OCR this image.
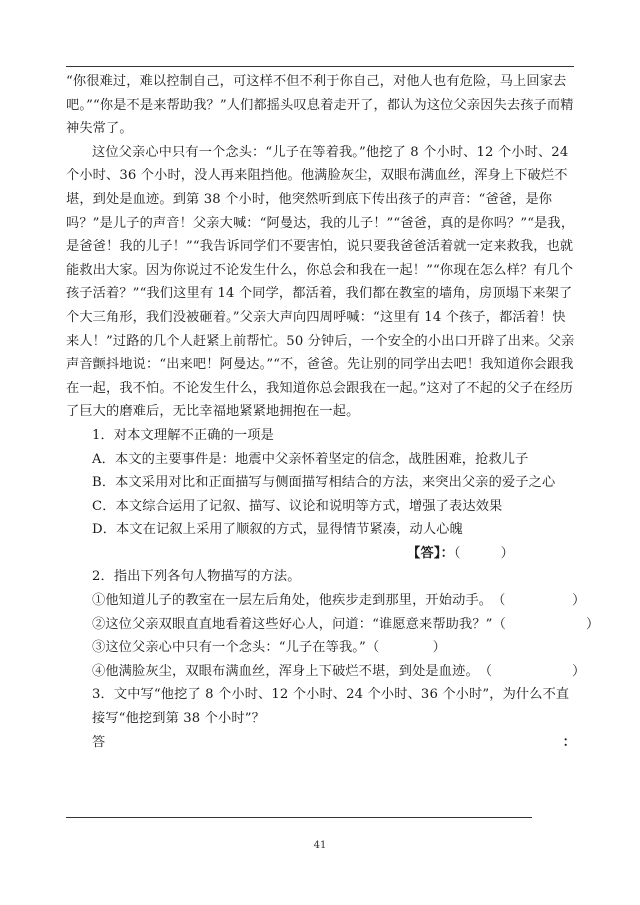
“你很难过，难以控制自己，可这样不但不利于你自己，对他人也有危险，马上回家去吧。”“你是不是来帮助我？”人们都摇头叹息着走开了，都认为这位父亲因失去孩子而精神失常了。

这位父亲心中只有一个念头：“儿子在等着我。”他挖了 8 个小时、12 个小时、24 个小时、36 个小时，没人再来阻挡他。他满脸灰尘，双眼布满血丝，浑身上下破烂不堪，到处是血迹。到第 38 个小时，他突然听到底下传出孩子的声音：“爸爸，是你吗？”是儿子的声音！父亲大喊：“阿曼达，我的儿子！”“爸爸，真的是你吗？”“是我，是爸爸！我的儿子！”“我告诉同学们不要害怕，说只要我爸爸活着就一定来救我，也就能救出大家。因为你说过不论发生什么，你总会和我在一起！”“你现在怎么样？有几个孩子活着？”“我们这里有 14 个同学，都活着，我们都在教室的墙角，房顶塌下来架了个大三角形，我们没被砸着。”父亲大声向四周呼喊：“这里有 14 个孩子，都活着！快来人！”过路的几个人赶紧上前帮忙。50 分钟后，一个安全的小出口开辟了出来。父亲声音颤抖地说：“出来吧！阿曼达。”“不，爸爸。先让别的同学出去吧！我知道你会跟我在一起，我不怕。不论发生什么，我知道你总会跟我在一起。”这对了不起的父子在经历了巨大的磨难后，无比幸福地紧紧地拥抱在一起。

1．对本文理解不正确的一项是

A．本文的主要事件是：地震中父亲怀着坚定的信念，战胜困难，抢救儿子

B．本文采用对比和正面描写与侧面描写相结合的方法，来突出父亲的爱子之心

C．本文综合运用了记叙、描写、议论和说明等方式，增强了表达效果

D．本文在记叙上采用了顺叙的方式，显得情节紧凑，动人心魄

【答】：（　　　）

2．指出下列各句人物描写的方法。

①他知道儿子的教室在一层左后角处，他疾步走到那里，开始动手。（　　　　　）

②这位父亲双眼直直地看着这些好心人，问道：“谁愿意来帮助我？”（　　　　　　）

③这位父亲心中只有一个念头：“儿子在等我。”（　　　　）

④他满脸灰尘，双眼布满血丝，浑身上下破烂不堪，到处是血迹。（　　　　　　）

3．文中写“他挖了 8 个小时、12 个小时、24 个小时、36 个小时”，为什么不直接写“他挖到第 38 个小时”？

答	：

41
